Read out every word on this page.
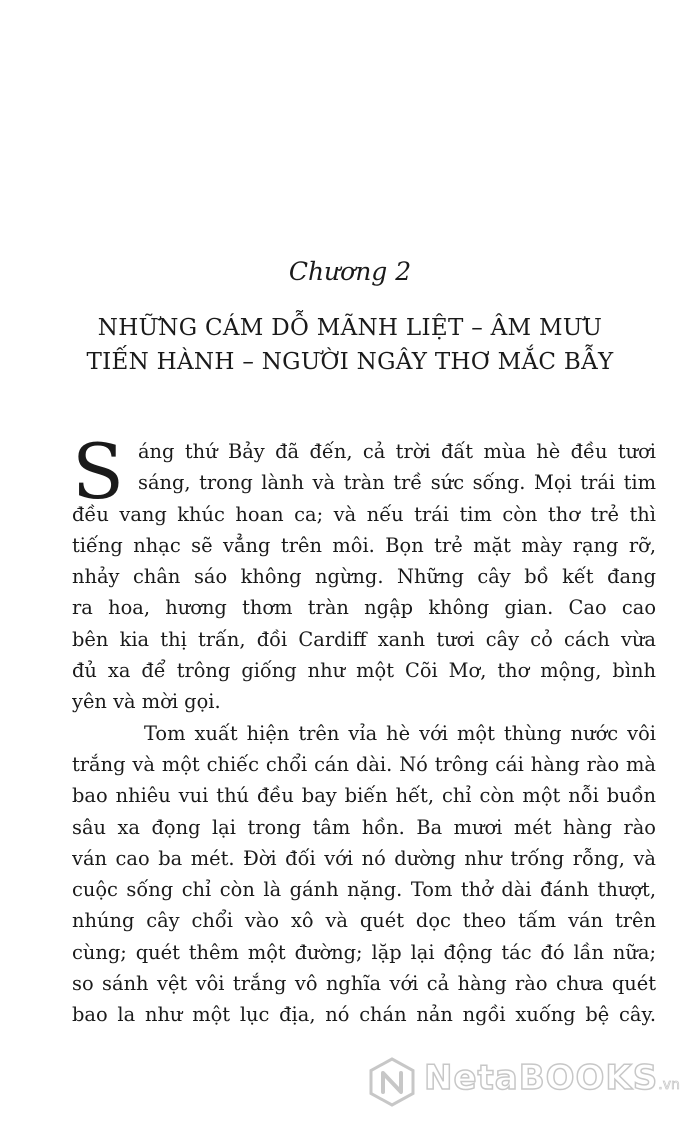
Chương 2
NHỮNG CÁM DỖ MÃNH LIỆT – ÂM MƯU
TIẾN HÀNH – NGƯỜI NGÂY THƠ MẮC BẪY
S áng thứ Bảy đã đến, cả trời đất mùa hè đều tươi
sáng, trong lành và tràn trề sức sống. Mọi trái tim
đều vang khúc hoan ca; và nếu trái tim còn thơ trẻ thì
tiếng nhạc sẽ vẳng trên môi. Bọn trẻ mặt mày rạng rỡ,
nhảy chân sáo không ngừng. Những cây bồ kết đang
ra hoa, hương thơm tràn ngập không gian. Cao cao
bên kia thị trấn, đồi Cardiff xanh tươi cây cỏ cách vừa
đủ xa để trông giống như một Cõi Mơ, thơ mộng, bình
yên và mời gọi.
Tom xuất hiện trên vỉa hè với một thùng nước vôi
trắng và một chiếc chổi cán dài. Nó trông cái hàng rào mà
bao nhiêu vui thú đều bay biến hết, chỉ còn một nỗi buồn
sâu xa đọng lại trong tâm hồn. Ba mươi mét hàng rào
ván cao ba mét. Đời đối với nó dường như trống rỗng, và
cuộc sống chỉ còn là gánh nặng. Tom thở dài đánh thượt,
nhúng cây chổi vào xô và quét dọc theo tấm ván trên
cùng; quét thêm một đường; lặp lại động tác đó lần nữa;
so sánh vệt vôi trắng vô nghĩa với cả hàng rào chưa quét
bao la như một lục địa, nó chán nản ngồi xuống bệ cây.
NetaBOOKS.vn
